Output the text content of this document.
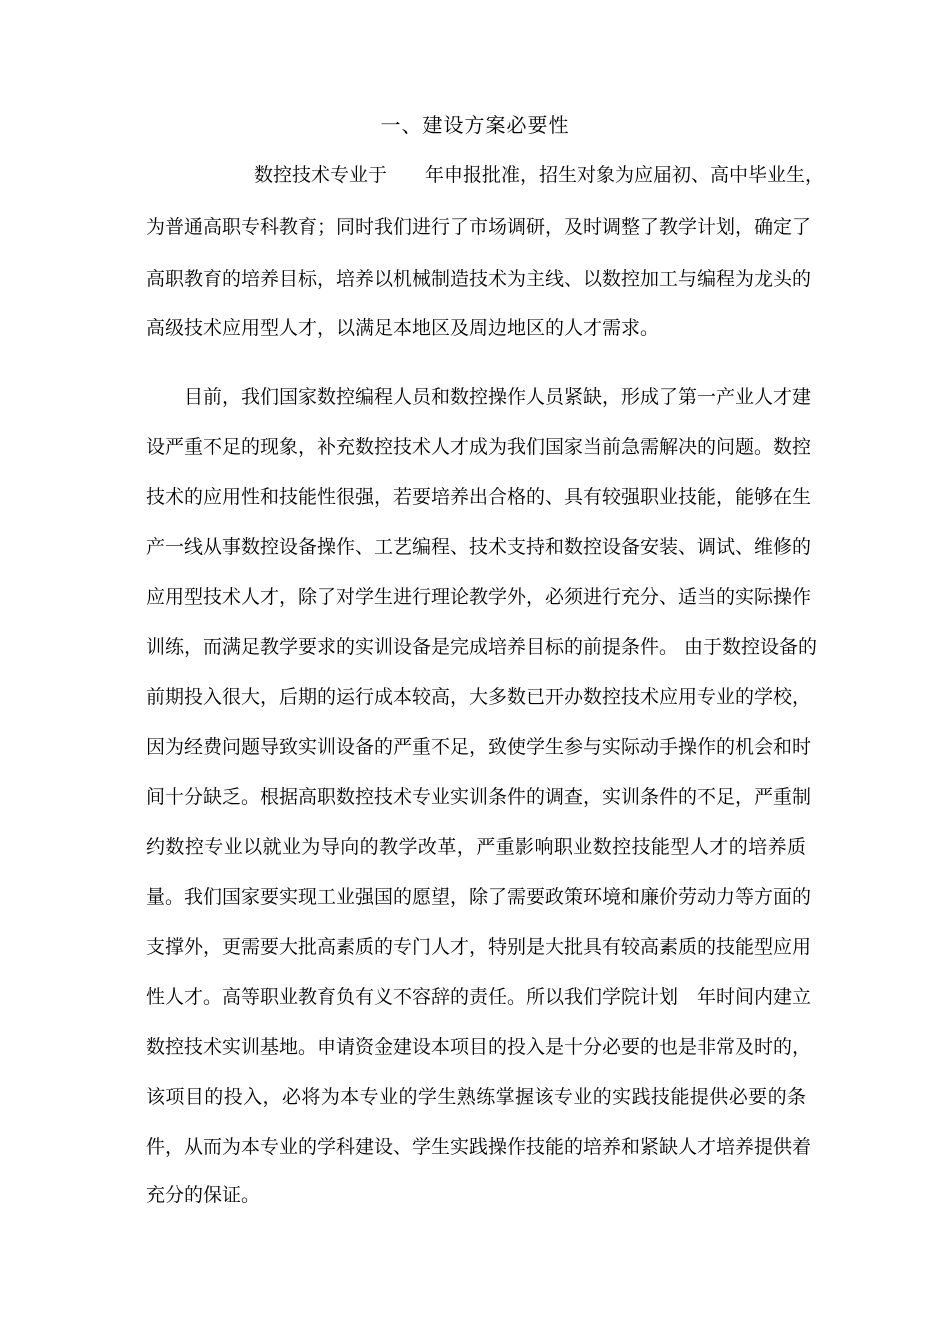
一、建设方案必要性

数控技术专业于　　年申报批准，招生对象为应届初、高中毕业生，

为普通高职专科教育；同时我们进行了市场调研，及时调整了教学计划，确定了

高职教育的培养目标，培养以机械制造技术为主线、以数控加工与编程为龙头的

高级技术应用型人才，以满足本地区及周边地区的人才需求。

目前，我们国家数控编程人员和数控操作人员紧缺，形成了第一产业人才建

设严重不足的现象，补充数控技术人才成为我们国家当前急需解决的问题。数控

技术的应用性和技能性很强，若要培养出合格的、具有较强职业技能，能够在生

产一线从事数控设备操作、工艺编程、技术支持和数控设备安装、调试、维修的

应用型技术人才，除了对学生进行理论教学外，必须进行充分、适当的实际操作

训练，而满足教学要求的实训设备是完成培养目标的前提条件。 由于数控设备的

前期投入很大，后期的运行成本较高，大多数已开办数控技术应用专业的学校，

因为经费问题导致实训设备的严重不足，致使学生参与实际动手操作的机会和时

间十分缺乏。根据高职数控技术专业实训条件的调查，实训条件的不足，严重制

约数控专业以就业为导向的教学改革，严重影响职业数控技能型人才的培养质

量。我们国家要实现工业强国的愿望，除了需要政策环境和廉价劳动力等方面的

支撑外，更需要大批高素质的专门人才，特别是大批具有较高素质的技能型应用

性人才。高等职业教育负有义不容辞的责任。所以我们学院计划　年时间内建立

数控技术实训基地。申请资金建设本项目的投入是十分必要的也是非常及时的，

该项目的投入，必将为本专业的学生熟练掌握该专业的实践技能提供必要的条

件，从而为本专业的学科建设、学生实践操作技能的培养和紧缺人才培养提供着

充分的保证。
